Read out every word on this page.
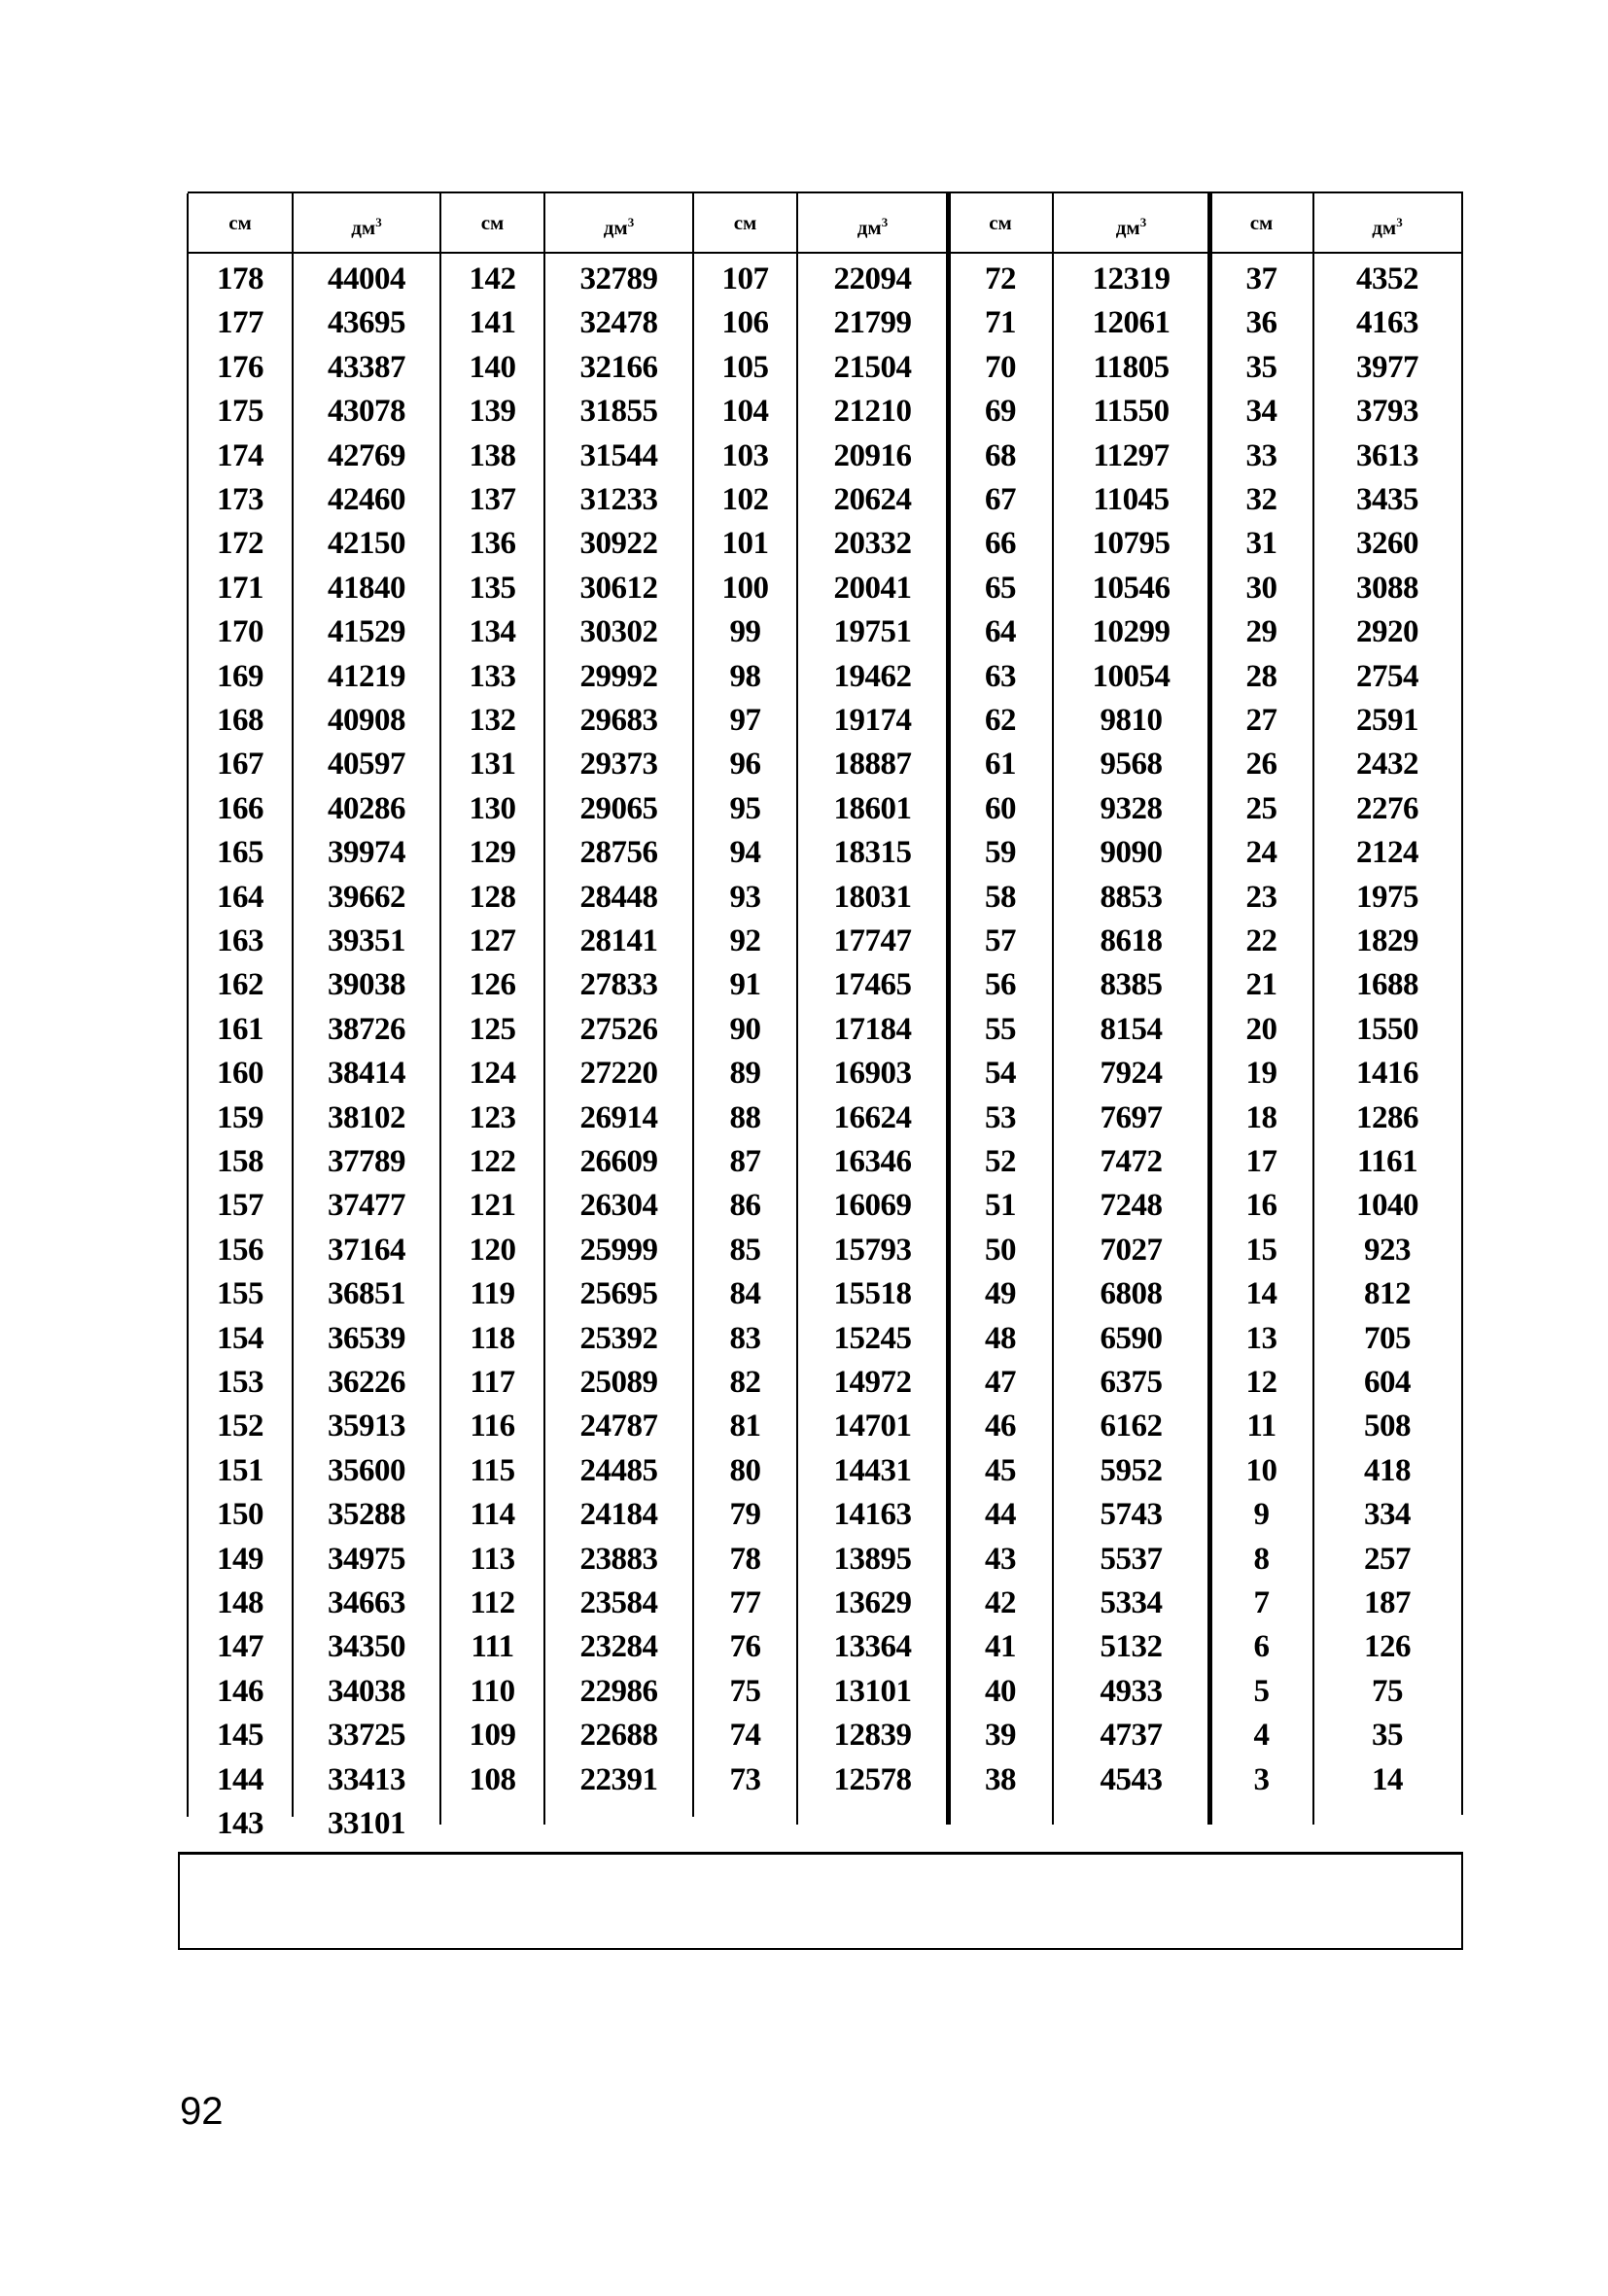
см	$дм^3$
178	44004
177	43695
176	43387
175	43078
174	42769
173	42460
172	42150
171	41840
170	41529
169	41219
168	40908
167	40597
166	40286
165	39974
164	39662
163	39351
162	39038
161	38726
160	38414
159	38102
158	37789
157	37477
156	37164
155	36851
154	36539
153	36226
152	35913
151	35600
150	35288
149	34975
148	34663
147	34350
146	34038
145	33725
144	33413
143	33101
см	$дм^3$
142	32789
141	32478
140	32166
139	31855
138	31544
137	31233
136	30922
135	30612
134	30302
133	29992
132	29683
131	29373
130	29065
129	28756
128	28448
127	28141
126	27833
125	27526
124	27220
123	26914
122	26609
121	26304
120	25999
119	25695
118	25392
117	25089
116	24787
115	24485
114	24184
113	23883
112	23584
111	23284
110	22986
109	22688
108	22391
см	$дм^3$
107	22094
106	21799
105	21504
104	21210
103	20916
102	20624
101	20332
100	20041
99	19751
98	19462
97	19174
96	18887
95	18601
94	18315
93	18031
92	17747
91	17465
90	17184
89	16903
88	16624
87	16346
86	16069
85	15793
84	15518
83	15245
82	14972
81	14701
80	14431
79	14163
78	13895
77	13629
76	13364
75	13101
74	12839
73	12578
см	$дм^3$
72	12319
71	12061
70	11805
69	11550
68	11297
67	11045
66	10795
65	10546
64	10299
63	10054
62	9810
61	9568
60	9328
59	9090
58	8853
57	8618
56	8385
55	8154
54	7924
53	7697
52	7472
51	7248
50	7027
49	6808
48	6590
47	6375
46	6162
45	5952
44	5743
43	5537
42	5334
41	5132
40	4933
39	4737
38	4543
см	$дм^3$
37	4352
36	4163
35	3977
34	3793
33	3613
32	3435
31	3260
30	3088
29	2920
28	2754
27	2591
26	2432
25	2276
24	2124
23	1975
22	1829
21	1688
20	1550
19	1416
18	1286
17	1161
16	1040
15	923
14	812
13	705
12	604
11	508
10	418
9	334
8	257
7	187
6	126
5	75
4	35
3	14
92
